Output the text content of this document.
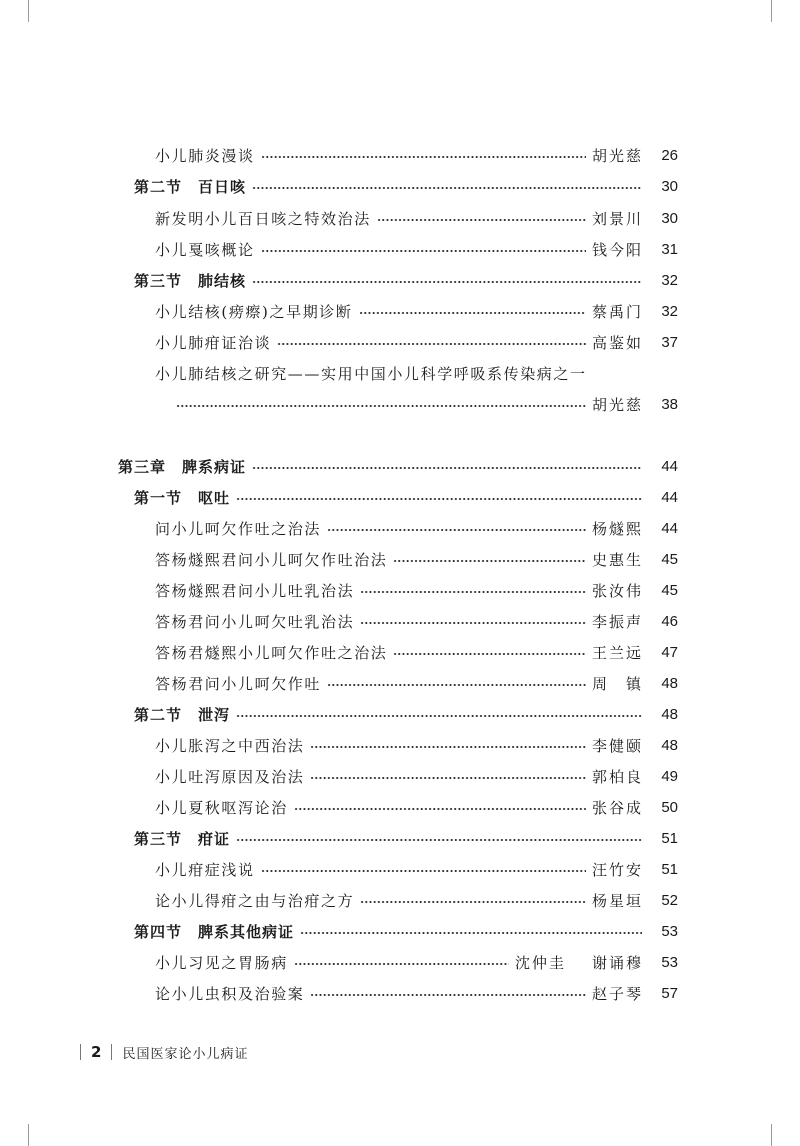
小儿肺炎漫谈	胡光慈	26
第二节　百日咳	30
新发明小儿百日咳之特效治法	刘景川	30
小儿戛咳概论	钱今阳	31
第三节　肺结核	32
小儿结核(痨瘵)之早期诊断	蔡禹门	32
小儿肺疳证治谈	高鉴如	37
小儿肺结核之研究——实用中国小儿科学呼吸系传染病之一
胡光慈	38
第三章　脾系病证	44
第一节　呕吐	44
问小儿呵欠作吐之治法	杨燧熙	44
答杨燧熙君问小儿呵欠作吐治法	史惠生	45
答杨燧熙君问小儿吐乳治法	张汝伟	45
答杨君问小儿呵欠吐乳治法	李振声	46
答杨君燧熙小儿呵欠作吐之治法	王兰远	47
答杨君问小儿呵欠作吐	周　镇	48
第二节　泄泻	48
小儿胀泻之中西治法	李健颐	48
小儿吐泻原因及治法	郭柏良	49
小儿夏秋呕泻论治	张谷成	50
第三节　疳证	51
小儿疳症浅说	汪竹安	51
论小儿得疳之由与治疳之方	杨星垣	52
第四节　脾系其他病证	53
小儿习见之胃肠病	沈仲圭 谢诵穆	53
论小儿虫积及治验案	赵子琴	57
2 民国医家论小儿病证
